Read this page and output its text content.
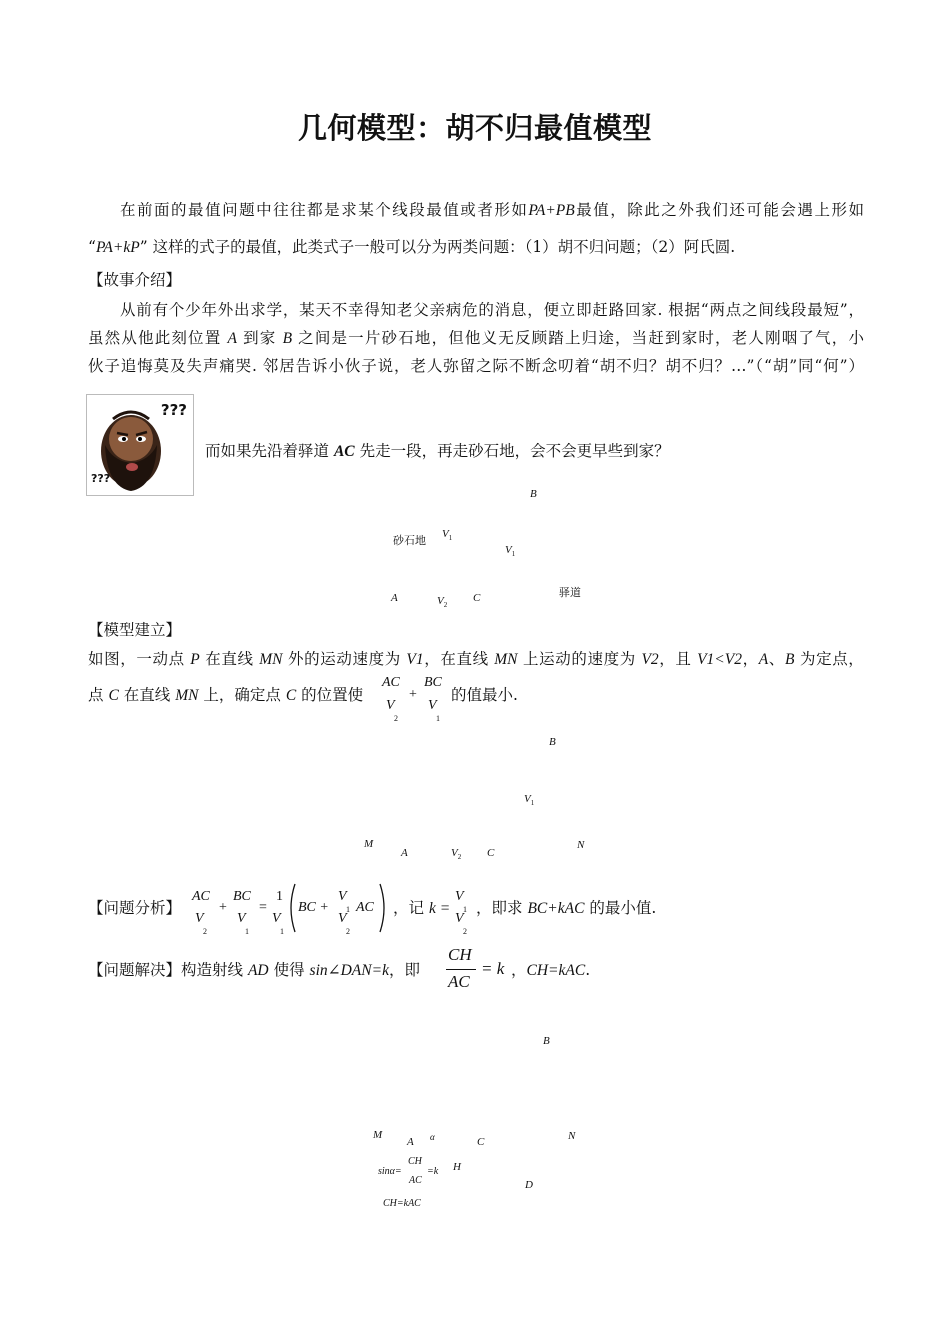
几何模型：胡不归最值模型
在前面的最值问题中往往都是求某个线段最值或者形如PA+PB最值，除此之外我们还可能会遇上形如
“PA+kP” 这样的式子的最值，此类式子一般可以分为两类问题：（1）胡不归问题；（2）阿氏圆.
【故事介绍】
从前有个少年外出求学，某天不幸得知老父亲病危的消息，便立即赶路回家. 根据“两点之间线段最短”，
虽然从他此刻位置 A 到家 B 之间是一片砂石地，但他义无反顾踏上归途，当赶到家时，老人刚咽了气，小
伙子追悔莫及失声痛哭. 邻居告诉小伙子说，老人弥留之际不断念叨着“胡不归？胡不归？…”（“胡”同“何”）
???
???
而如果先沿着驿道 AC 先走一段，再走砂石地，会不会更早些到家？
B
砂石地 $V_1$
$V_1$
A	$V_2$
C	驿道
【模型建立】
如图，一动点 P 在直线 MN 外的运动速度为 V1，在直线 MN 上运动的速度为 V2，且 V1<V2，A、B 为定点，
点 C 在直线 MN 上，确定点 C 的位置使
AC
V
2
+
BC
V
1
的值最小.
B
$V_1$
M
A	$V_2$ C
N
【问题分析】
AC
V
2
+
BC
V
1
=
1
V
1
BC +
V
1
V
2
AC ，记 k =
V
1
V
2
，即求 BC+kAC 的最小值.
【问题解决】构造射线 AD 使得 sin∠DAN=k，即
CH
AC
= k ，CH=kAC.
B
M
A α	C	N
sinα=
CH
AC
=k H
D
CH=kAC
